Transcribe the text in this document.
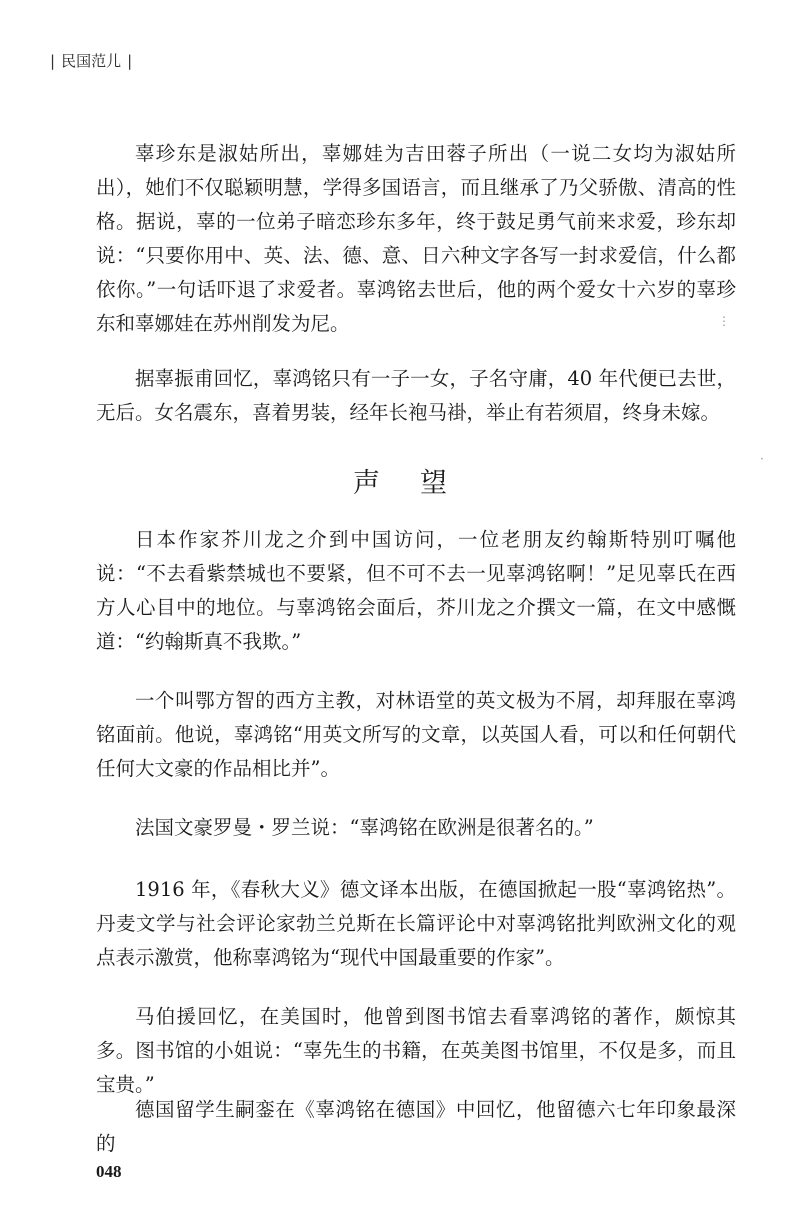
| 民国范儿 |

辜珍东是淑姑所出，辜娜娃为吉田蓉子所出（一说二女均为淑姑所出），她们不仅聪颖明慧，学得多国语言，而且继承了乃父骄傲、清高的性格。据说，辜的一位弟子暗恋珍东多年，终于鼓足勇气前来求爱，珍东却说：“只要你用中、英、法、德、意、日六种文字各写一封求爱信，什么都依你。”一句话吓退了求爱者。辜鸿铭去世后，他的两个爱女十六岁的辜珍东和辜娜娃在苏州削发为尼。

据辜振甫回忆，辜鸿铭只有一子一女，子名守庸，40 年代便已去世，无后。女名震东，喜着男装，经年长袍马褂，举止有若须眉，终身未嫁。

声望

日本作家芥川龙之介到中国访问，一位老朋友约翰斯特别叮嘱他说：“不去看紫禁城也不要紧，但不可不去一见辜鸿铭啊！”足见辜氏在西方人心目中的地位。与辜鸿铭会面后，芥川龙之介撰文一篇，在文中感慨道：“约翰斯真不我欺。”

一个叫鄂方智的西方主教，对林语堂的英文极为不屑，却拜服在辜鸿铭面前。他说，辜鸿铭“用英文所写的文章，以英国人看，可以和任何朝代任何大文豪的作品相比并”。

法国文豪罗曼・罗兰说：“辜鸿铭在欧洲是很著名的。”

1916 年，《春秋大义》德文译本出版，在德国掀起一股“辜鸿铭热”。丹麦文学与社会评论家勃兰兑斯在长篇评论中对辜鸿铭批判欧洲文化的观点表示激赏，他称辜鸿铭为“现代中国最重要的作家”。

马伯援回忆，在美国时，他曾到图书馆去看辜鸿铭的著作，颇惊其多。图书馆的小姐说：“辜先生的书籍，在英美图书馆里，不仅是多，而且宝贵。”

德国留学生嗣銮在《辜鸿铭在德国》中回忆，他留德六七年印象最深的

048
⋮
·
